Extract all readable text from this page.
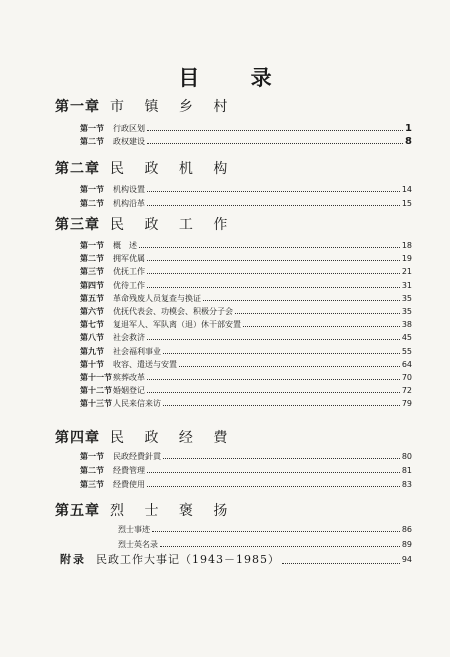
目 录
第一章 市 镇 乡 村
第一节	行政区划	1
第二节	政权建设	8
第二章 民 政 机 构
第一节	机构设置	14
第二节	机构沿革	15
第三章 民 政 工 作
第一节	概　述	18
第二节	拥军优属	19
第三节	优抚工作	21
第四节	优待工作	31
第五节	革命残废人员复查与换证	35
第六节	优抚代表会、功模会、积极分子会	35
第七节	复退军人、军队离（退）休干部安置	38
第八节	社会救济	45
第九节	社会福利事业	55
第十节	收容、遣送与安置	64
第十一节 殡葬改革	70
第十二节 婚姻登记	72
第十三节 人民来信来访	79
第四章 民 政 经 費
第一节	民政经費針貫	80
第二节	经費管理	81
第三节	经費使用	83
第五章 烈 士 褒 扬
烈士事迹	86
烈士英名录	89
附录 民政工作大事记（1943－1985）	94
